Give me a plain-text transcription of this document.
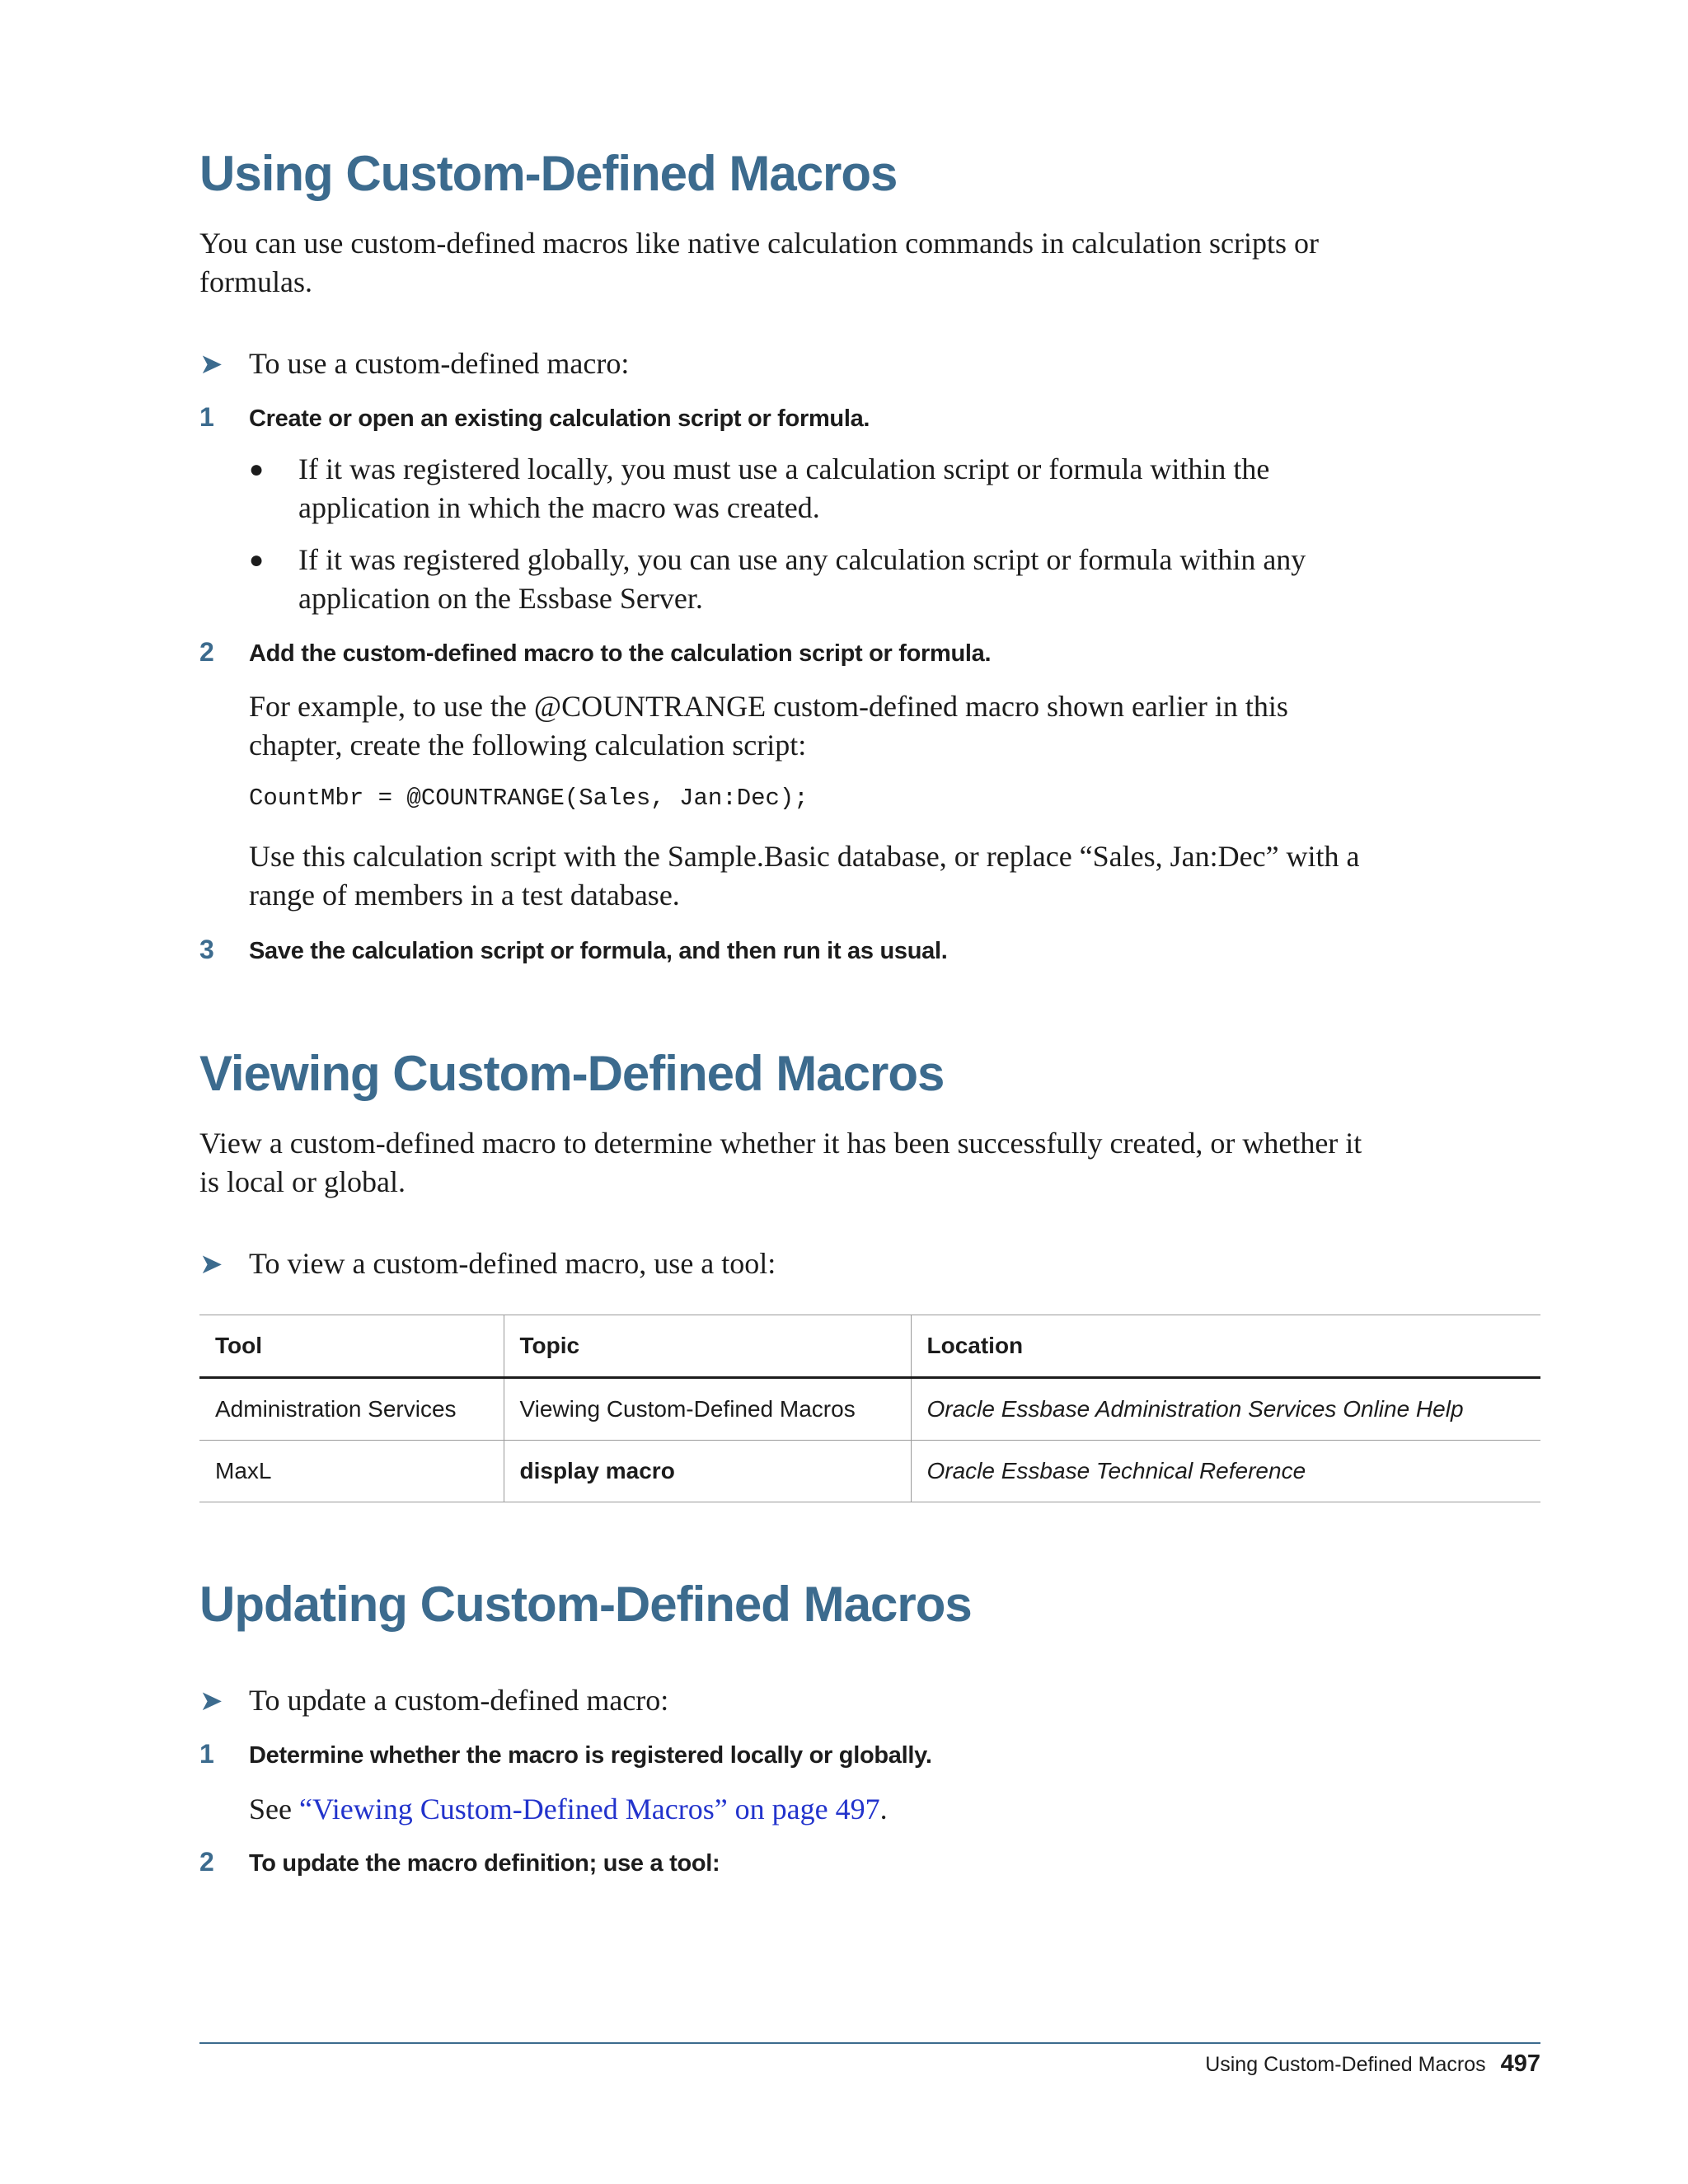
Using Custom-Defined Macros

You can use custom-defined macros like native calculation commands in calculation scripts or formulas.

➤ To use a custom-defined macro:
1 Create or open an existing calculation script or formula.
● If it was registered locally, you must use a calculation script or formula within the application in which the macro was created.
● If it was registered globally, you can use any calculation script or formula within any application on the Essbase Server.
2 Add the custom-defined macro to the calculation script or formula.

For example, to use the @COUNTRANGE custom-defined macro shown earlier in this chapter, create the following calculation script:

CountMbr = @COUNTRANGE(Sales, Jan:Dec);

Use this calculation script with the Sample.Basic database, or replace “Sales, Jan:Dec” with a range of members in a test database.

3 Save the calculation script or formula, and then run it as usual.
Viewing Custom-Defined Macros

View a custom-defined macro to determine whether it has been successfully created, or whether it is local or global.

➤ To view a custom-defined macro, use a tool:
Tool	Topic	Location
Administration Services	Viewing Custom-Defined Macros	Oracle Essbase Administration Services Online Help
MaxL	display macro	Oracle Essbase Technical Reference
Updating Custom-Defined Macros
➤ To update a custom-defined macro:
1 Determine whether the macro is registered locally or globally.

See “Viewing Custom-Defined Macros” on page 497.

2 To update the macro definition; use a tool:
Using Custom-Defined Macros 497
